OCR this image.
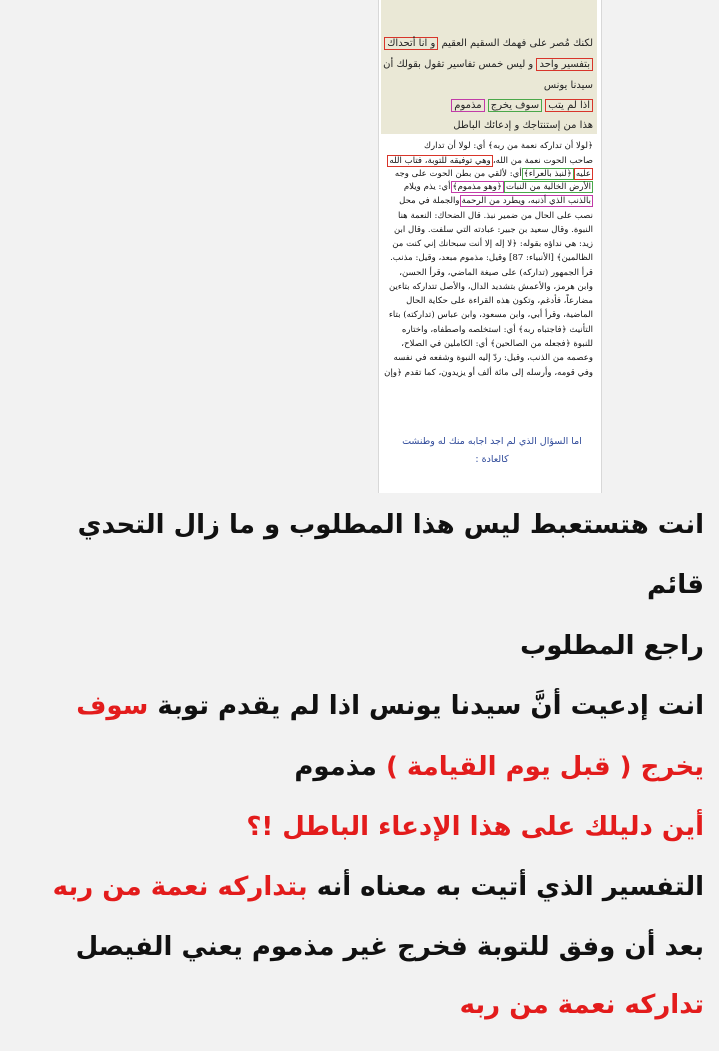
لكنك مُصر على فهمك السقيم العقيم و انا أتحداك
بتفسير واحد و ليس خمس تفاسير تقول بقولك أن
سيدنا يونس
اذا لم يتب سوف يخرج مذموم
هذا من إستنتاجك و إدعائك الباطل
﴿لولا أن تداركه نعمة من ربه﴾ أي: لولا أن تدارك
صاحب الحوت نعمة من الله،وهي توفيقه للتوبة، فتاب الله
عليه﴿لنبذ بالعراء﴾أي: لألقي من بطن الحوت على وجه
الأرض الخالية من النبات﴿وهو مذموم﴾أي: يذم ويلام
بالذنب الذي أذنبه، ويطرد من الرحمةوالجملة في محل
نصب على الحال من ضمير نبذ. قال الضحاك: النعمة هنا
النبوة. وقال سعيد بن جبير: عبادته التي سلفت. وقال ابن
زيد: هي نداؤه بقوله: ﴿لا إله إلا أنت سبحانك إني كنت من
الظالمين﴾ [الأنبياء: 87] وقيل: مذموم مبعد، وقيل: مذنب.
قرأ الجمهور (تداركه) على صيغة الماضي، وقرأ الحسن،
وابن هرمز، والأعمش بتشديد الدال، والأصل تتداركه بتاءين
مضارعاً، فأدغم، وتكون هذه القراءة على حكاية الحال
الماضية، وقرأ أبي، وابن مسعود، وابن عباس (تداركته) بتاء
التأنيث ﴿فاجتباه ربه﴾ أي: استخلصه واصطفاه، واختاره
للنبوة ﴿فجعله من الصالحين﴾ أي: الكاملين في الصلاح،
وعصمه من الذنب، وقيل: ردّ إليه النبوة وشفعه في نفسه
وفي قومه، وأرسله إلى مائة ألف أو يزيدون، كما تقدم ﴿وإن
اما السؤال الذي لم اجد اجابه منك له وطنشت
كالعادة :
انت هتستعبط ليس هذا المطلوب و ما زال التحدي
قائم
راجع المطلوب
انت إدعيت أنَّ سيدنا يونس اذا لم يقدم توبة سوف
يخرج ( قبل يوم القيامة ) مذموم
أين دليلك على هذا الإدعاء الباطل !؟
التفسير الذي أتيت به معناه أنه بتداركه نعمة من ربه
بعد أن وفق للتوبة فخرج غير مذموم يعني الفيصل
تداركه نعمة من ربه
